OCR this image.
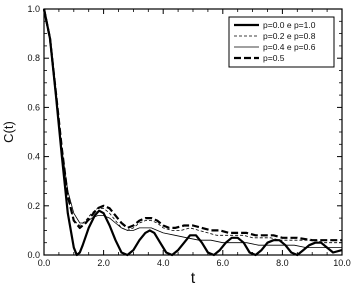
0.0	2.0	4.0	6.0	8.0	10.0
0.0
0.2
0.4
0.6
0.8
1.0
t
C(t)
p=0.0 e p=1.0
p=0.2 e p=0.8
p=0.4 e p=0.6
p=0.5
